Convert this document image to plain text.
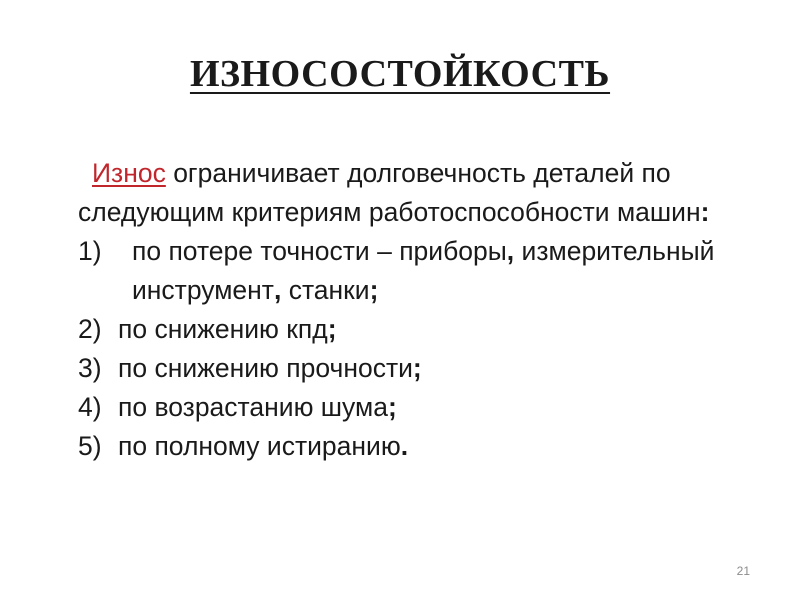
ИЗНОСОСТОЙКОСТЬ

Износ ограничивает долговечность деталей по
следующим критериям работоспособности машин:

1)	по потере точности – приборы, измерительный
инструмент, станки;
2) по снижению кпд;
3) по снижению прочности;
4) по возрастанию шума;
5) по полному истиранию.
21
